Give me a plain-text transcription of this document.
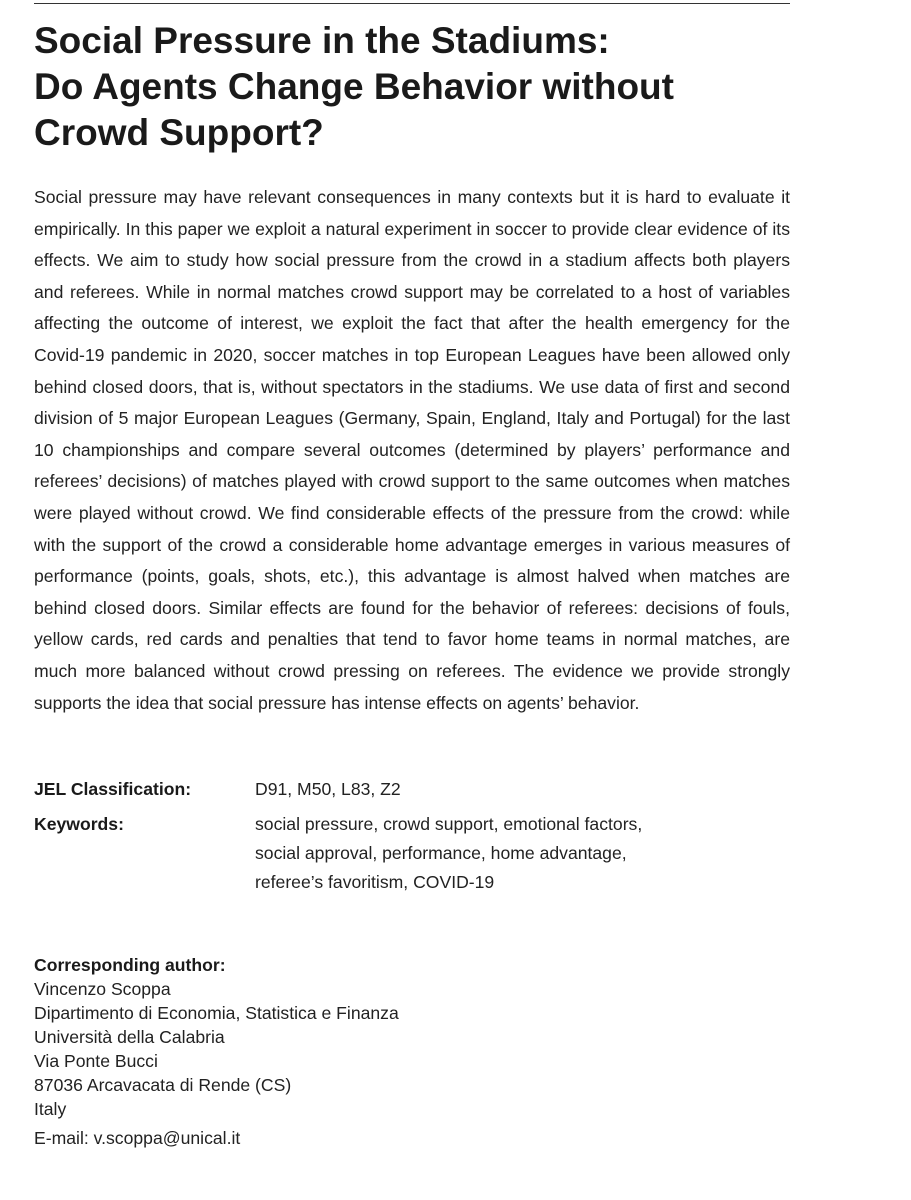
Social Pressure in the Stadiums:
Do Agents Change Behavior without
Crowd Support?

Social pressure may have relevant consequences in many contexts but it is hard to evaluate it empirically. In this paper we exploit a natural experiment in soccer to provide clear evidence of its effects. We aim to study how social pressure from the crowd in a stadium affects both players and referees. While in normal matches crowd support may be correlated to a host of variables affecting the outcome of interest, we exploit the fact that after the health emergency for the Covid-19 pandemic in 2020, soccer matches in top European Leagues have been allowed only behind closed doors, that is, without spectators in the stadiums. We use data of first and second division of 5 major European Leagues (Germany, Spain, England, Italy and Portugal) for the last 10 championships and compare several outcomes (determined by players’ performance and referees’ decisions) of matches played with crowd support to the same outcomes when matches were played without crowd. We find considerable effects of the pressure from the crowd: while with the support of the crowd a considerable home advantage emerges in various measures of performance (points, goals, shots, etc.), this advantage is almost halved when matches are behind closed doors. Similar effects are found for the behavior of referees: decisions of fouls, yellow cards, red cards and penalties that tend to favor home teams in normal matches, are much more balanced without crowd pressing on referees. The evidence we provide strongly supports the idea that social pressure has intense effects on agents’ behavior.

JEL Classification:	D91, M50, L83, Z2
Keywords:	social pressure, crowd support, emotional factors,
social approval, performance, home advantage,
referee’s favoritism, COVID-19
Corresponding author:
Vincenzo Scoppa
Dipartimento di Economia, Statistica e Finanza
Università della Calabria
Via Ponte Bucci
87036 Arcavacata di Rende (CS)
Italy
E-mail: v.scoppa@unical.it
